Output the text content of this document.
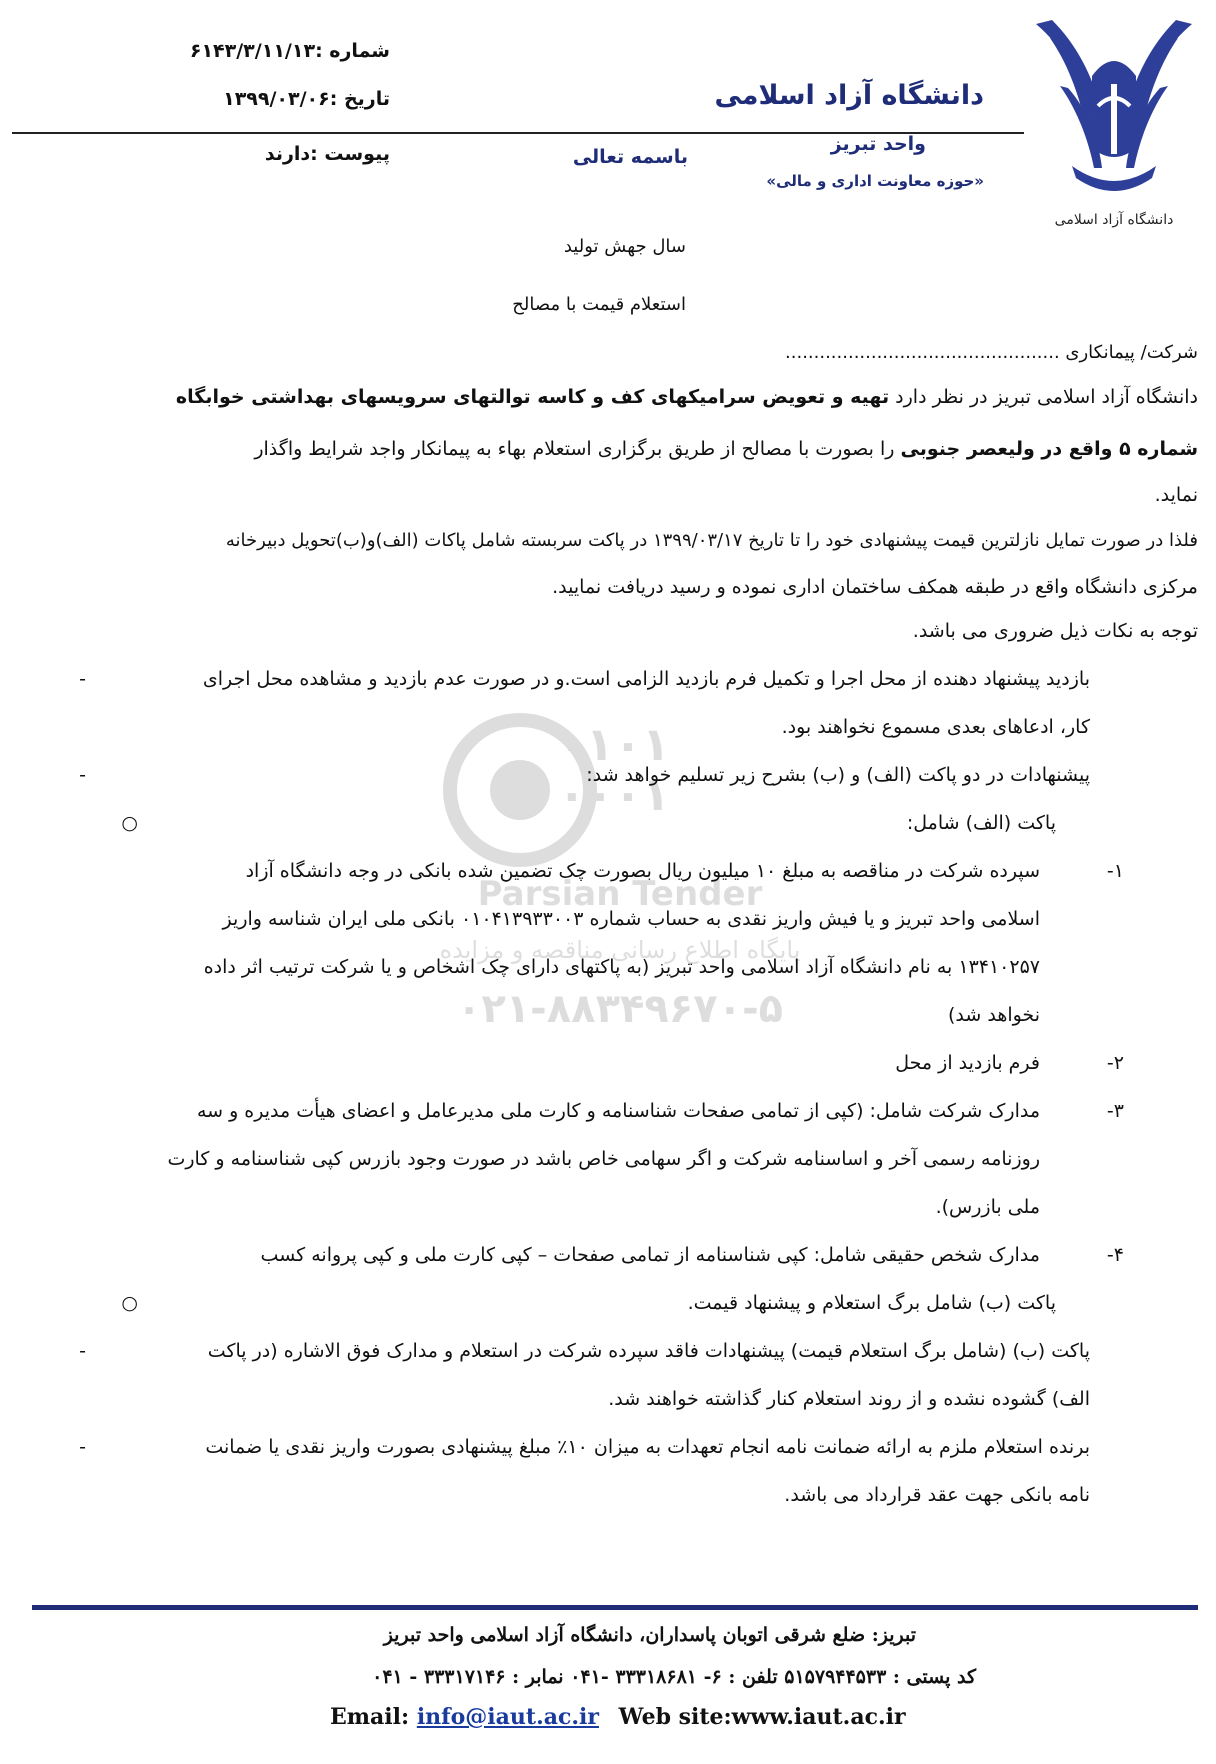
دانشگاه آزاد اسلامی
دانشگاه آزاد اسلامی
واحد تبریز
«حوزه معاونت اداری و مالی»
باسمه تعالی
شماره :۶۱۴۳/۳/۱۱/۱۳
تاریخ :۱۳۹۹/۰۳/۰۶
پیوست :دارند
سال جهش تولید
استعلام قیمت با مصالح
شرکت/ پیمانکاری ................................................
۰۱۰۱
۰۰۰۱
Parsian Tender
پایگاه اطلاع رسانی مناقصه و مزایده
۰۲۱-۸۸۳۴۹۶۷۰-۵
دانشگاه آزاد اسلامی تبریز در نظر دارد تهیه و تعویض سرامیکهای کف و کاسه توالتهای سرویسهای بهداشتی خوابگاه
شماره ۵ واقع در ولیعصر جنوبی را بصورت با مصالح از طریق برگزاری استعلام بهاء به پیمانکار واجد شرایط واگذار
نماید.
فلذا در صورت تمایل نازلترین قیمت پیشنهادی خود را تا تاریخ ۱۳۹۹/۰۳/۱۷ در پاکت سربسته شامل پاکات (الف)و(ب)تحویل دبیرخانه
مرکزی دانشگاه واقع در طبقه همکف ساختمان اداری نموده و رسید دریافت نمایید.
توجه به نکات ذیل ضروری می باشد.
-	بازدید پیشنهاد دهنده از محل اجرا و تکمیل فرم بازدید الزامی است.و در صورت عدم بازدید و مشاهده محل اجرای
کار، ادعاهای بعدی مسموع نخواهند بود.
-	پیشنهادات در دو پاکت (الف) و (ب) بشرح زیر تسلیم خواهد شد:
○	پاکت (الف) شامل:
۱-
سپرده شرکت در مناقصه به مبلغ ۱۰ میلیون ریال بصورت چک تضمین شده بانکی در وجه دانشگاه آزاد
اسلامی واحد تبریز و یا فیش واریز نقدی به حساب شماره ۰۱۰۴۱۳۹۳۳۰۰۳ بانکی ملی ایران شناسه واریز
۱۳۴۱۰۲۵۷ به نام دانشگاه آزاد اسلامی واحد تبریز (به پاکتهای دارای چک اشخاص و یا شرکت ترتیب اثر داده
نخواهد شد)
۲-
فرم بازدید از محل
۳-
مدارک شرکت شامل: (کپی از تمامی صفحات شناسنامه و کارت ملی مدیرعامل و اعضای هیأت مدیره و سه
روزنامه رسمی آخر و اساسنامه شرکت و اگر سهامی خاص باشد در صورت وجود بازرس کپی شناسنامه و کارت
ملی بازرس).
۴-
مدارک شخص حقیقی شامل: کپی شناسنامه از تمامی صفحات – کپی کارت ملی و کپی پروانه کسب
○	پاکت (ب) شامل برگ استعلام و پیشنهاد قیمت.
-	پاکت (ب) (شامل برگ استعلام قیمت) پیشنهادات فاقد سپرده شرکت در استعلام و مدارک فوق الاشاره (در پاکت
الف) گشوده نشده و از روند استعلام کنار گذاشته خواهند شد.
-	برنده استعلام ملزم به ارائه ضمانت نامه انجام تعهدات به میزان ۱۰٪ مبلغ پیشنهادی بصورت واریز نقدی یا ضمانت
نامه بانکی جهت عقد قرارداد می باشد.
تبریز: ضلع شرقی اتوبان پاسداران، دانشگاه آزاد اسلامی واحد تبریز
کد پستی : ۵۱۵۷۹۴۴۵۳۳ تلفن : ۶- ۳۳۳۱۸۶۸۱ -۰۴۱ نمابر : ۳۳۳۱۷۱۴۶ - ۰۴۱
Email: info@iaut.ac.ir Web site:www.iaut.ac.ir
